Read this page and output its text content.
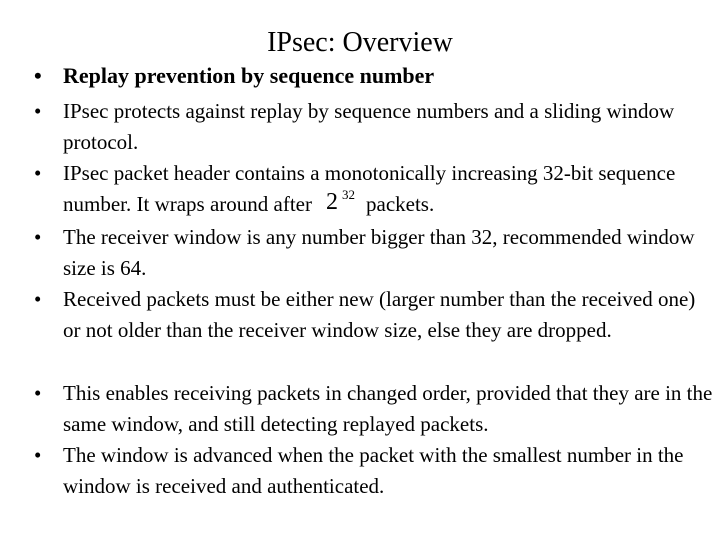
IPsec: Overview
• Replay prevention by sequence number
• IPsec protects against replay by sequence numbers and a sliding window protocol.
• IPsec packet header contains a monotonically increasing 32-bit sequence number. It wraps around after 2 32 packets.
• The receiver window is any number bigger than 32, recommended window size is 64.
• Received packets must be either new (larger number than the received one) or not older than the receiver window size, else they are dropped.
• This enables receiving packets in changed order, provided that they are in the same window, and still detecting replayed packets.
• The window is advanced when the packet with the smallest number in the window is received and authenticated.
